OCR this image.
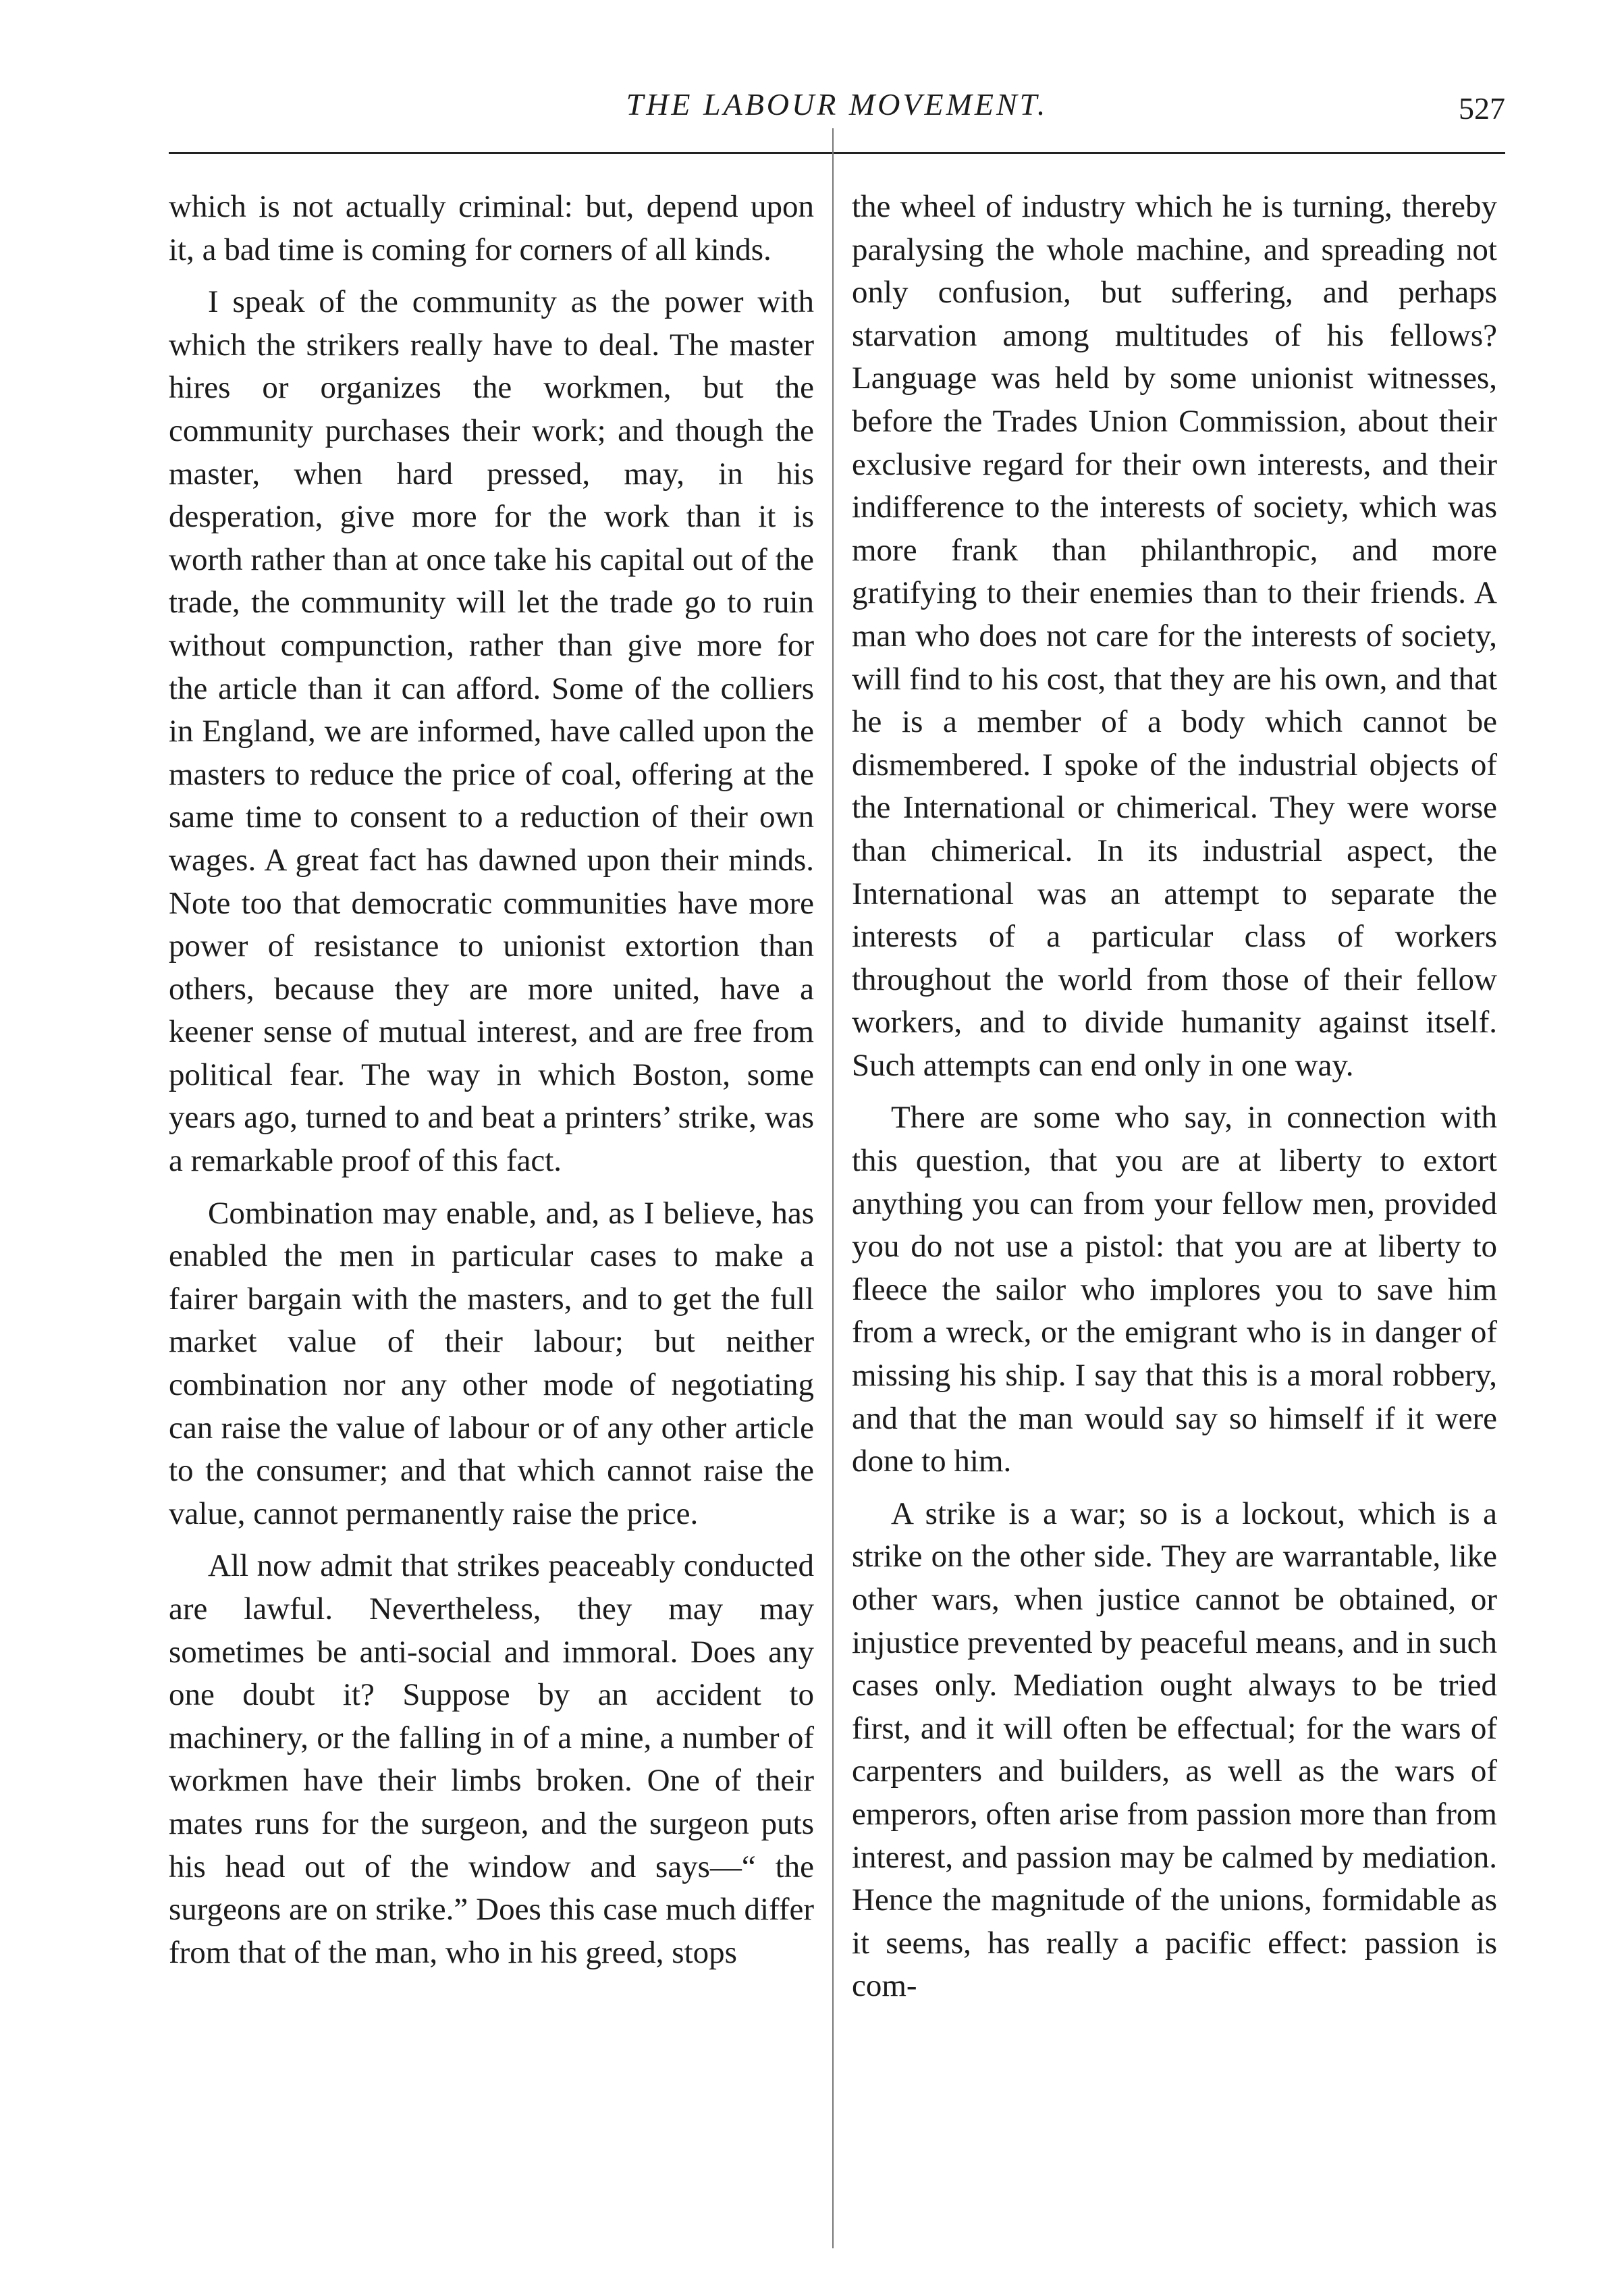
THE LABOUR MOVEMENT.	527

which is not actually criminal: but, depend upon it, a bad time is coming for corners of all kinds.

I speak of the community as the power with which the strikers really have to deal. The master hires or organizes the workmen, but the community purchases their work; and though the master, when hard pressed, may, in his desperation, give more for the work than it is worth rather than at once take his capital out of the trade, the community will let the trade go to ruin without compunction, rather than give more for the article than it can afford. Some of the colliers in England, we are informed, have called upon the masters to reduce the price of coal, offering at the same time to consent to a reduction of their own wages. A great fact has dawned upon their minds. Note too that democratic communities have more power of resistance to unionist extortion than others, because they are more united, have a keener sense of mutual interest, and are free from political fear. The way in which Boston, some years ago, turned to and beat a printers’ strike, was a remarkable proof of this fact.

Combination may enable, and, as I believe, has enabled the men in particular cases to make a fairer bargain with the masters, and to get the full market value of their labour; but neither combination nor any other mode of negotiating can raise the value of labour or of any other article to the consumer; and that which cannot raise the value, cannot permanently raise the price.

All now admit that strikes peaceably conducted are lawful. Nevertheless, they may may sometimes be anti-social and immoral. Does any one doubt it? Suppose by an accident to machinery, or the falling in of a mine, a number of workmen have their limbs broken. One of their mates runs for the surgeon, and the surgeon puts his head out of the window and says—“ the surgeons are on strike.” Does this case much differ from that of the man, who in his greed, stops

the wheel of industry which he is turning, thereby paralysing the whole machine, and spreading not only confusion, but suffering, and perhaps starvation among multitudes of his fellows? Language was held by some unionist witnesses, before the Trades Union Commission, about their exclusive regard for their own interests, and their indifference to the interests of society, which was more frank than philanthropic, and more gratifying to their enemies than to their friends. A man who does not care for the interests of society, will find to his cost, that they are his own, and that he is a member of a body which cannot be dismembered. I spoke of the industrial objects of the International or chimerical. They were worse than chimerical. In its industrial aspect, the International was an attempt to separate the interests of a particular class of workers throughout the world from those of their fellow workers, and to divide humanity against itself. Such attempts can end only in one way.

There are some who say, in connection with this question, that you are at liberty to extort anything you can from your fellow men, provided you do not use a pistol: that you are at liberty to fleece the sailor who implores you to save him from a wreck, or the emigrant who is in danger of missing his ship. I say that this is a moral robbery, and that the man would say so himself if it were done to him.

A strike is a war; so is a lockout, which is a strike on the other side. They are warrantable, like other wars, when justice cannot be obtained, or injustice prevented by peaceful means, and in such cases only. Mediation ought always to be tried first, and it will often be effectual; for the wars of carpenters and builders, as well as the wars of emperors, often arise from passion more than from interest, and passion may be calmed by mediation. Hence the magnitude of the unions, formidable as it seems, has really a pacific effect: passion is com-
